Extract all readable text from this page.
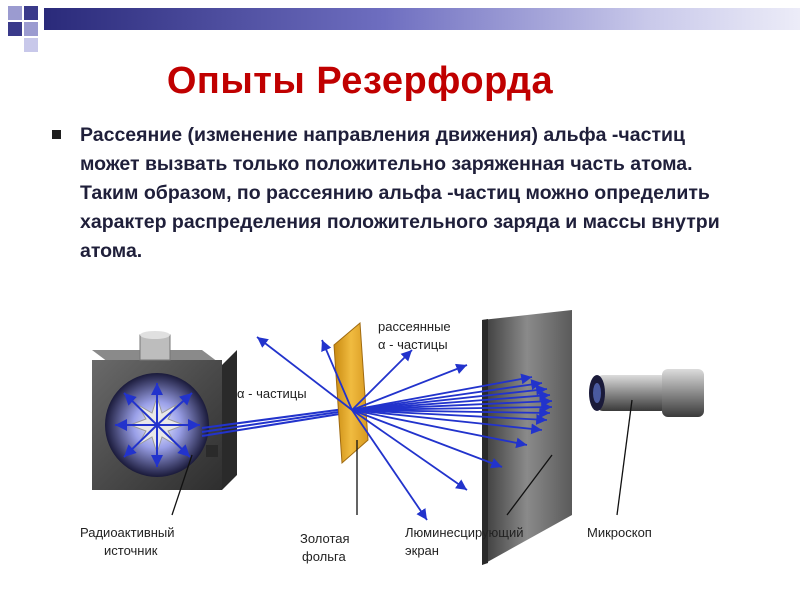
Опыты Резерфорда

Рассеяние (изменение направления движения) альфа -частиц может вызвать только положительно заряженная часть атома. Таким образом, по рассеянию альфа -частиц можно определить характер распределения положительного заряда и массы внутри атома.

рассеянные
α - частицы
α - частицы
Радиоактивный
источник
Золотая
фольга
Люминесцирующий
экран
Микроскоп
